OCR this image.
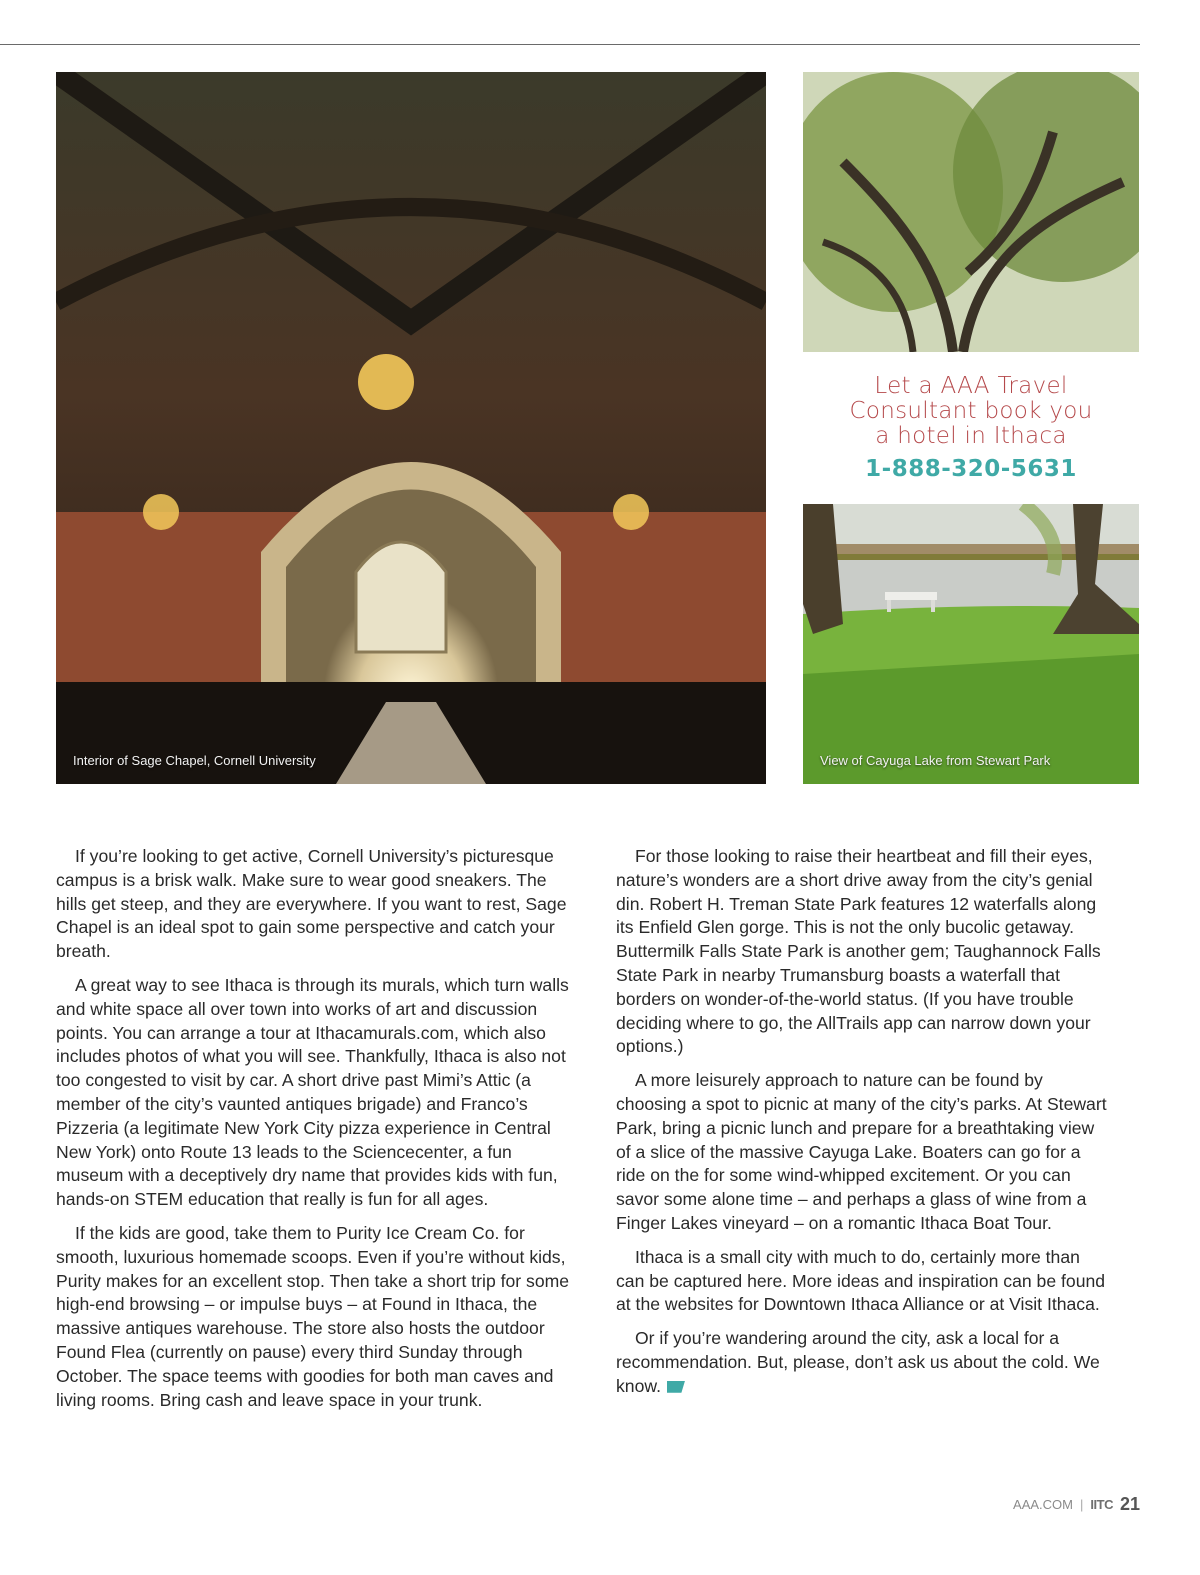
Interior of Sage Chapel, Cornell University
Let a AAA Travel Consultant book you a hotel in Ithaca
1-888-320-5631
View of Cayuga Lake from Stewart Park

If you’re looking to get active, Cornell University’s picturesque campus is a brisk walk. Make sure to wear good sneakers. The hills get steep, and they are everywhere. If you want to rest, Sage Chapel is an ideal spot to gain some perspective and catch your breath.

A great way to see Ithaca is through its murals, which turn walls and white space all over town into works of art and discussion points. You can arrange a tour at Ithacamurals.com, which also includes photos of what you will see. Thankfully, Ithaca is also not too congested to visit by car. A short drive past Mimi’s Attic (a member of the city’s vaunted antiques brigade) and Franco’s Pizzeria (a legitimate New York City pizza experience in Central New York) onto Route 13 leads to the Sciencecenter, a fun museum with a deceptively dry name that provides kids with fun, hands-on STEM education that really is fun for all ages.

If the kids are good, take them to Purity Ice Cream Co. for smooth, luxurious homemade scoops. Even if you’re without kids, Purity makes for an excellent stop. Then take a short trip for some high-end browsing – or impulse buys – at Found in Ithaca, the massive antiques warehouse. The store also hosts the outdoor Found Flea (currently on pause) every third Sunday through October. The space teems with goodies for both man caves and living rooms. Bring cash and leave space in your trunk.

For those looking to raise their heartbeat and fill their eyes, nature’s wonders are a short drive away from the city’s genial din. Robert H. Treman State Park features 12 waterfalls along its Enfield Glen gorge. This is not the only bucolic getaway. Buttermilk Falls State Park is another gem; Taughannock Falls State Park in nearby Trumansburg boasts a waterfall that borders on wonder-of-the-world status. (If you have trouble deciding where to go, the AllTrails app can narrow down your options.)

A more leisurely approach to nature can be found by choosing a spot to picnic at many of the city’s parks. At Stewart Park, bring a picnic lunch and prepare for a breathtaking view of a slice of the massive Cayuga Lake. Boaters can go for a ride on the for some wind-whipped excitement. Or you can savor some alone time – and perhaps a glass of wine from a Finger Lakes vineyard – on a romantic Ithaca Boat Tour.

Ithaca is a small city with much to do, certainly more than can be captured here. More ideas and inspiration can be found at the websites for Downtown Ithaca Alliance or at Visit Ithaca.

Or if you’re wandering around the city, ask a local for a recommendation. But, please, don’t ask us about the cold. We know.

AAA.COM | IITC 21
